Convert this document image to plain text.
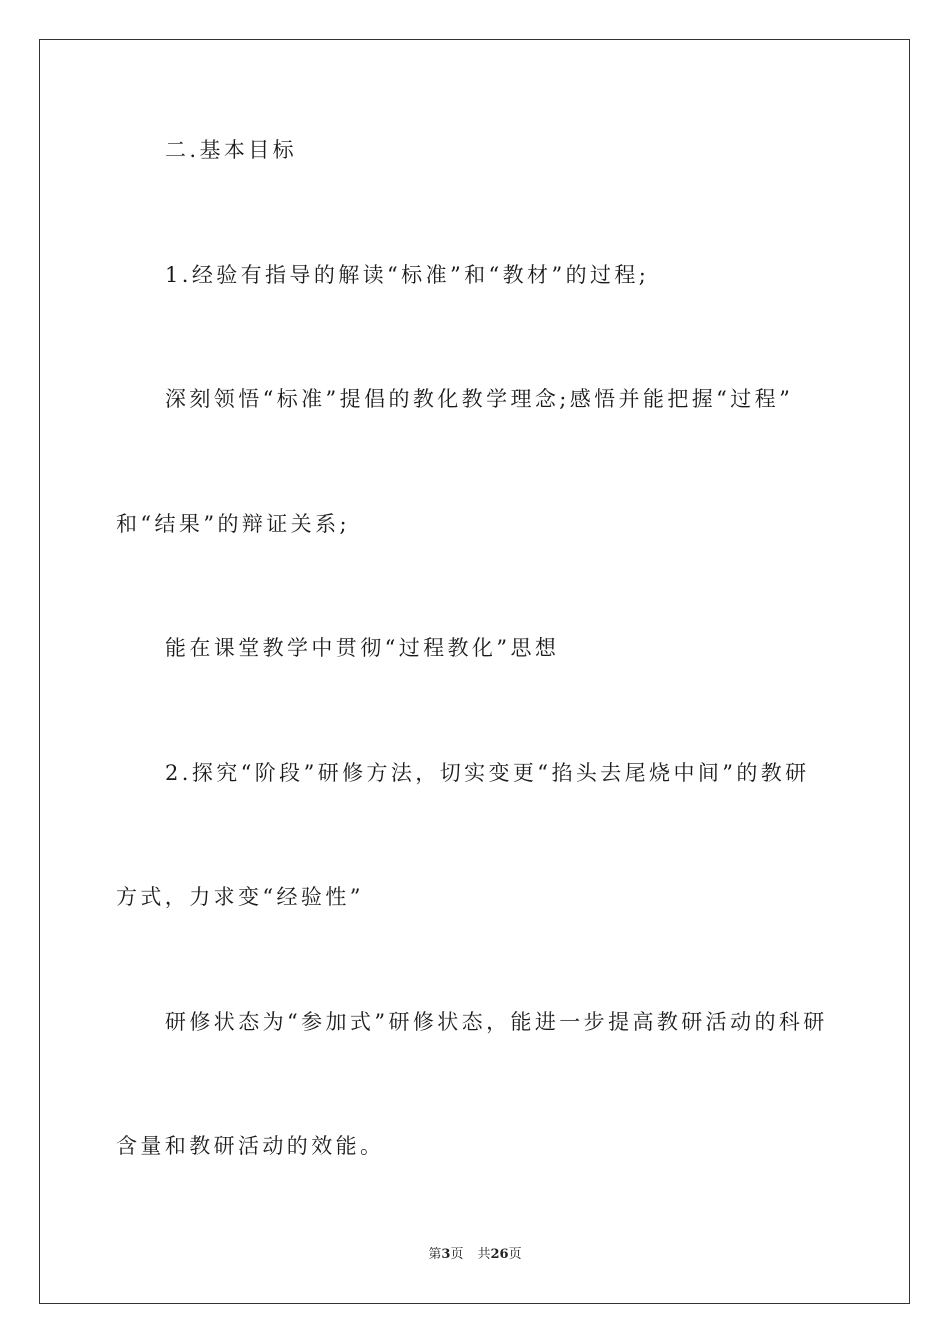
二.基本目标
1.经验有指导的解读“标准”和“教材”的过程;
深刻领悟“标准”提倡的教化教学理念;感悟并能把握“过程”
和“结果”的辩证关系;
能在课堂教学中贯彻“过程教化”思想
2.探究“阶段”研修方法，切实变更“掐头去尾烧中间”的教研
方式，力求变“经验性”
研修状态为“参加式”研修状态，能进一步提高教研活动的科研
含量和教研活动的效能。
第3页 共26页
